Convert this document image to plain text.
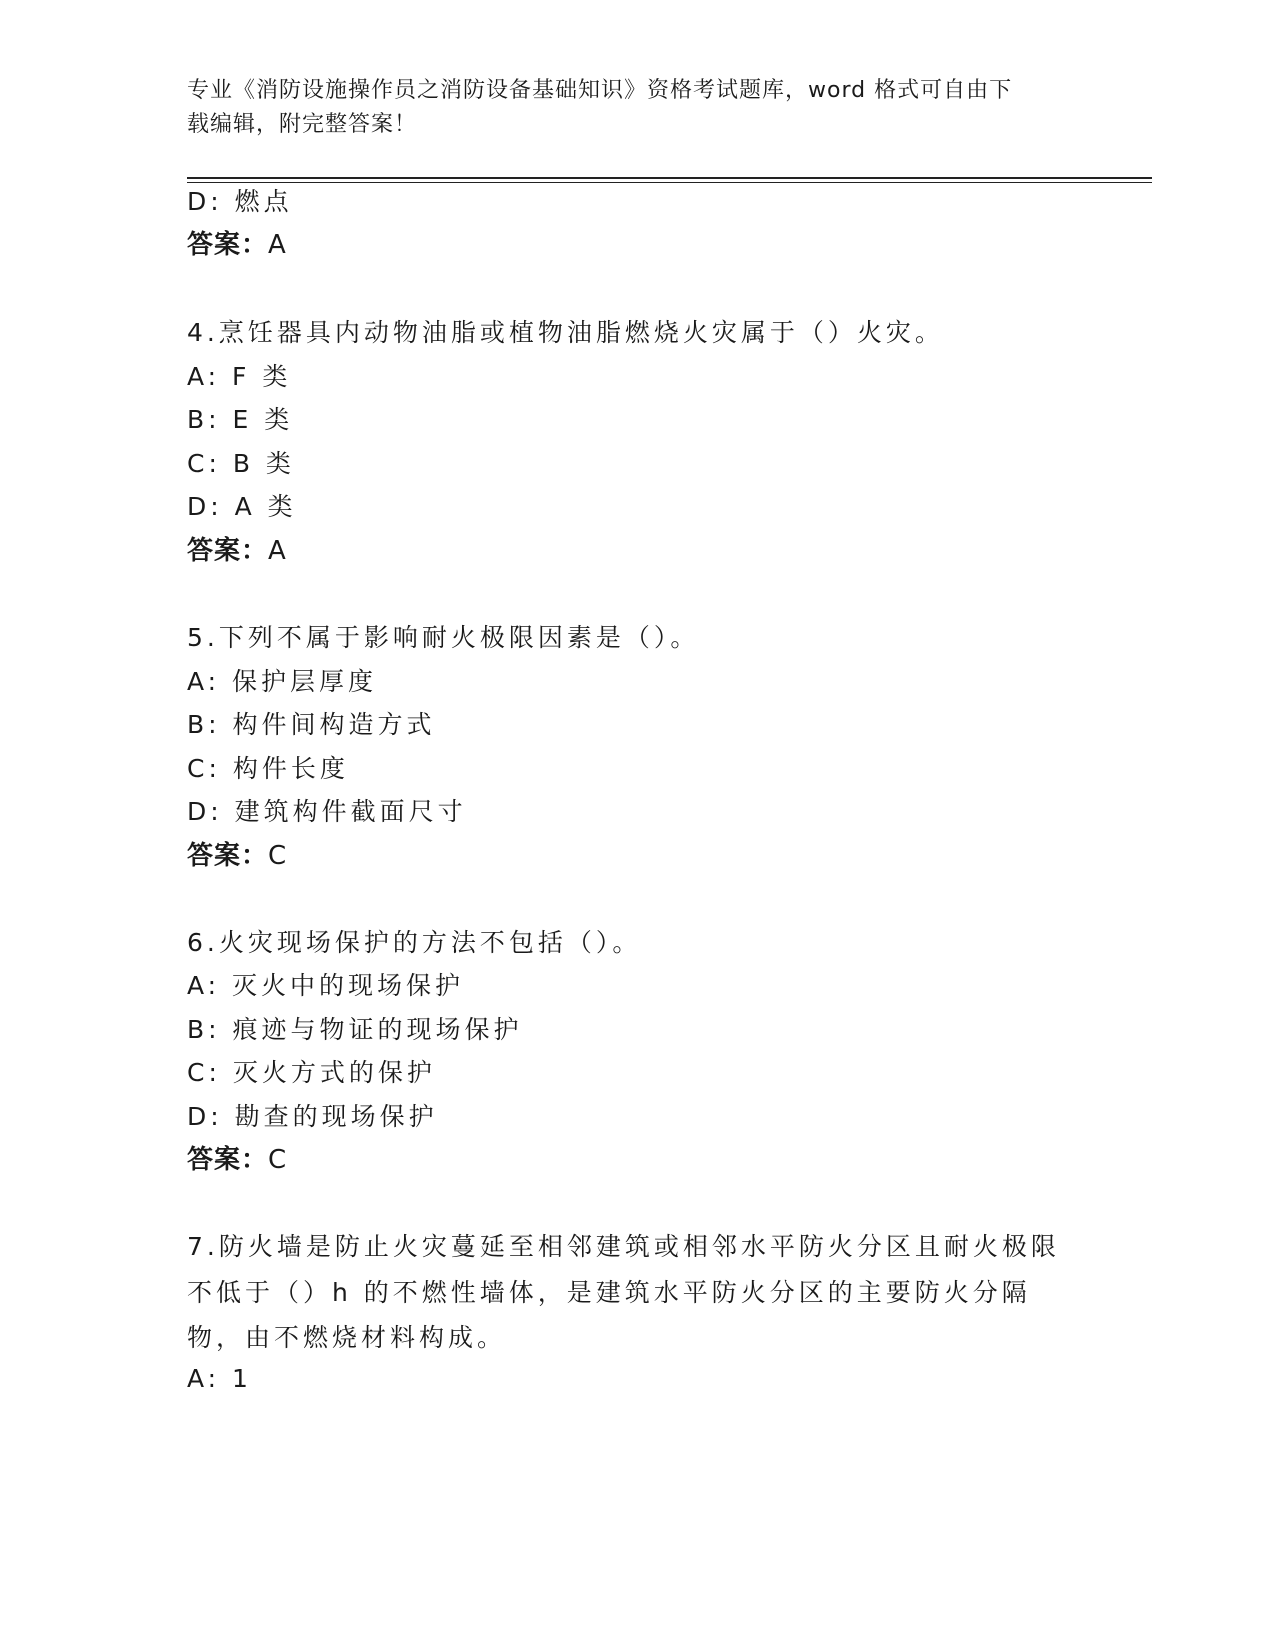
专业《消防设施操作员之消防设备基础知识》资格考试题库，word 格式可自由下
载编辑，附完整答案！
D: 燃点
答案：A
4.烹饪器具内动物油脂或植物油脂燃烧火灾属于（）火灾。
A: F 类
B: E 类
C: B 类
D: A 类
答案：A
5.下列不属于影响耐火极限因素是（）。
A: 保护层厚度
B: 构件间构造方式
C: 构件长度
D: 建筑构件截面尺寸
答案：C
6.火灾现场保护的方法不包括（）。
A: 灭火中的现场保护
B: 痕迹与物证的现场保护
C: 灭火方式的保护
D: 勘查的现场保护
答案：C
7.防火墙是防止火灾蔓延至相邻建筑或相邻水平防火分区且耐火极限不低于（）h 的不燃性墙体，是建筑水平防火分区的主要防火分隔物，由不燃烧材料构成。
A: 1
